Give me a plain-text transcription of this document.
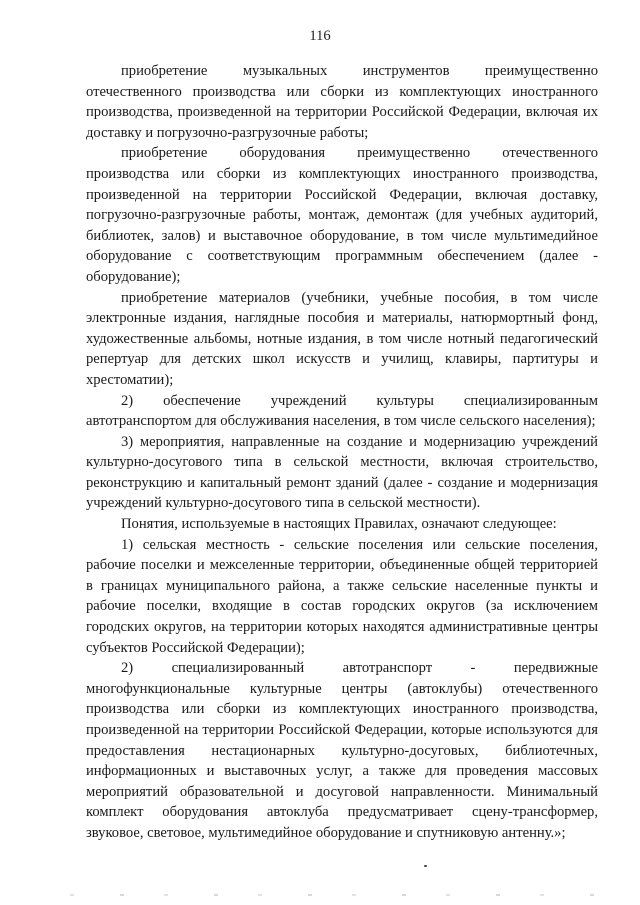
116

приобретение музыкальных инструментов преимущественно отечественного производства или сборки из комплектующих иностранного производства, произведенной на территории Российской Федерации, включая их доставку и погрузочно-разгрузочные работы;

приобретение оборудования преимущественно отечественного производства или сборки из комплектующих иностранного производства, произведенной на территории Российской Федерации, включая доставку, погрузочно-разгрузочные работы, монтаж, демонтаж (для учебных аудиторий, библиотек, залов) и выставочное оборудование, в том числе мультимедийное оборудование с соответствующим программным обеспечением (далее - оборудование);

приобретение материалов (учебники, учебные пособия, в том числе электронные издания, наглядные пособия и материалы, натюрмортный фонд, художественные альбомы, нотные издания, в том числе нотный педагогический репертуар для детских школ искусств и училищ, клавиры, партитуры и хрестоматии);

2) обеспечение учреждений культуры специализированным автотранспортом для обслуживания населения, в том числе сельского населения);

3) мероприятия, направленные на создание и модернизацию учреждений культурно-досугового типа в сельской местности, включая строительство, реконструкцию и капитальный ремонт зданий (далее - создание и модернизация учреждений культурно-досугового типа в сельской местности).

Понятия, используемые в настоящих Правилах, означают следующее:

1) сельская местность - сельские поселения или сельские поселения, рабочие поселки и межселенные территории, объединенные общей территорией в границах муниципального района, а также сельские населенные пункты и рабочие поселки, входящие в состав городских округов (за исключением городских округов, на территории которых находятся административные центры субъектов Российской Федерации);

2) специализированный автотранспорт - передвижные многофункциональные культурные центры (автоклубы) отечественного производства или сборки из комплектующих иностранного производства, произведенной на территории Российской Федерации, которые используются для предоставления нестационарных культурно-досуговых, библиотечных, информационных и выставочных услуг, а также для проведения массовых мероприятий образовательной и досуговой направленности. Минимальный комплект оборудования автоклуба предусматривает сцену-трансформер, звуковое, световое, мультимедийное оборудование и спутниковую антенну.»;
